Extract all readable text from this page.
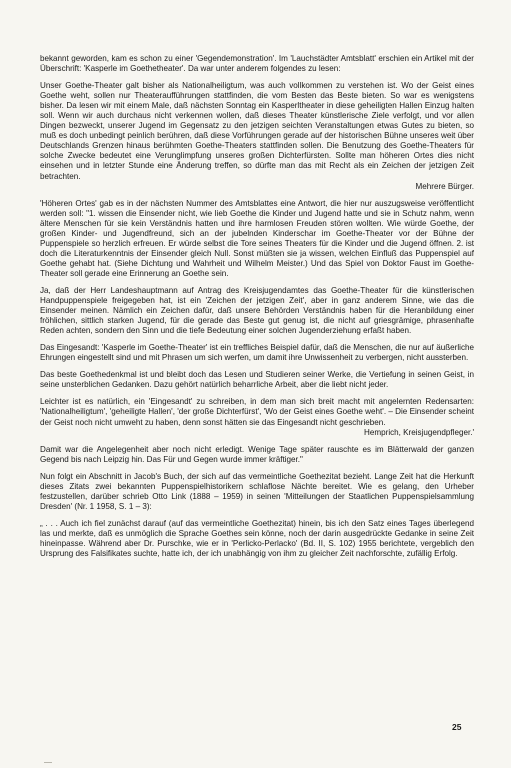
bekannt geworden, kam es schon zu einer 'Gegendemonstration'. Im 'Lauchstädter Amtsblatt' erschien ein Artikel mit der Überschrift: 'Kasperle im Goethetheater'. Da war unter anderem folgendes zu lesen:

Unser Goethe-Theater galt bisher als Nationalheiligtum, was auch vollkommen zu verstehen ist. Wo der Geist eines Goethe weht, sollen nur Theateraufführungen stattfinden, die vom Besten das Beste bieten. So war es wenigstens bisher. Da lesen wir mit einem Male, daß nächsten Sonntag ein Kasperltheater in diese geheiligten Hallen Einzug halten soll. Wenn wir auch durchaus nicht verkennen wollen, daß dieses Theater künstlerische Ziele verfolgt, und vor allen Dingen bezweckt, unserer Jugend im Gegensatz zu den jetzigen seichten Veranstaltungen etwas Gutes zu bieten, so muß es doch unbedingt peinlich berühren, daß diese Vorführungen gerade auf der historischen Bühne unseres weit über Deutschlands Grenzen hinaus berühmten Goethe-Theaters stattfinden sollen. Die Benutzung des Goethe-Theaters für solche Zwecke bedeutet eine Verunglimpfung unseres großen Dichterfürsten. Sollte man höheren Ortes dies nicht einsehen und in letzter Stunde eine Änderung treffen, so dürfte man das mit Recht als ein Zeichen der jetzigen Zeit betrachten.

Mehrere Bürger.

'Höheren Ortes' gab es in der nächsten Nummer des Amtsblattes eine Antwort, die hier nur auszugsweise veröffentlicht werden soll: "1. wissen die Einsender nicht, wie lieb Goethe die Kinder und Jugend hatte und sie in Schutz nahm, wenn ältere Menschen für sie kein Verständnis hatten und ihre harmlosen Freuden stören wollten. Wie würde Goethe, der großen Kinder- und Jugendfreund, sich an der jubelnden Kinderschar im Goethe-Theater vor der Bühne der Puppenspiele so herzlich erfreuen. Er würde selbst die Tore seines Theaters für die Kinder und die Jugend öffnen. 2. ist doch die Literaturkenntnis der Einsender gleich Null. Sonst müßten sie ja wissen, welchen Einfluß das Puppenspiel auf Goethe gehabt hat. (Siehe Dichtung und Wahrheit und Wilhelm Meister.) Und das Spiel von Doktor Faust im Goethe-Theater soll gerade eine Erinnerung an Goethe sein.

Ja, daß der Herr Landeshauptmann auf Antrag des Kreisjugendamtes das Goethe-Theater für die künstlerischen Handpuppenspiele freigegeben hat, ist ein 'Zeichen der jetzigen Zeit', aber in ganz anderem Sinne, wie das die Einsender meinen. Nämlich ein Zeichen dafür, daß unsere Behörden Verständnis haben für die Heranbildung einer fröhlichen, sittlich starken Jugend, für die gerade das Beste gut genug ist, die nicht auf griesgrämige, phrasenhafte Reden achten, sondern den Sinn und die tiefe Bedeutung einer solchen Jugenderziehung erfaßt haben.

Das Eingesandt: 'Kasperle im Goethe-Theater' ist ein treffliches Beispiel dafür, daß die Menschen, die nur auf äußerliche Ehrungen eingestellt sind und mit Phrasen um sich werfen, um damit ihre Unwissenheit zu verbergen, nicht aussterben.

Das beste Goethedenkmal ist und bleibt doch das Lesen und Studieren seiner Werke, die Vertiefung in seinen Geist, in seine unsterblichen Gedanken. Dazu gehört natürlich beharrliche Arbeit, aber die liebt nicht jeder.

Leichter ist es natürlich, ein 'Eingesandt' zu schreiben, in dem man sich breit macht mit angelernten Redensarten: 'Nationalheiligtum', 'geheiligte Hallen', 'der große Dichterfürst', 'Wo der Geist eines Goethe weht'. – Die Einsender scheint der Geist noch nicht umweht zu haben, denn sonst hätten sie das Eingesandt nicht geschrieben.

Hemprich, Kreisjugendpfleger.'

Damit war die Angelegenheit aber noch nicht erledigt. Wenige Tage später rauschte es im Blätterwald der ganzen Gegend bis nach Leipzig hin. Das Für und Gegen wurde immer kräftiger."

Nun folgt ein Abschnitt in Jacob's Buch, der sich auf das vermeintliche Goethezitat bezieht. Lange Zeit hat die Herkunft dieses Zitats zwei bekannten Puppenspielhistorikern schlaflose Nächte bereitet. Wie es gelang, den Urheber festzustellen, darüber schrieb Otto Link (1888 – 1959) in seinen 'Mitteilungen der Staatlichen Puppenspielsammlung Dresden' (Nr. 1 1958, S. 1 – 3):

„ . . . Auch ich fiel zunächst darauf (auf das vermeintliche Goethezitat) hinein, bis ich den Satz eines Tages überlegend las und merkte, daß es unmöglich die Sprache Goethes sein könne, noch der darin ausgedrückte Gedanke in seine Zeit hineinpasse. Während aber Dr. Purschke, wie er in 'Perlicko-Perlacko' (Bd. II, S. 102) 1955 berichtete, vergeblich den Ursprung des Falsifikates suchte, hatte ich, der ich unabhängig von ihm zu gleicher Zeit nachforschte, zufällig Erfolg.

25
